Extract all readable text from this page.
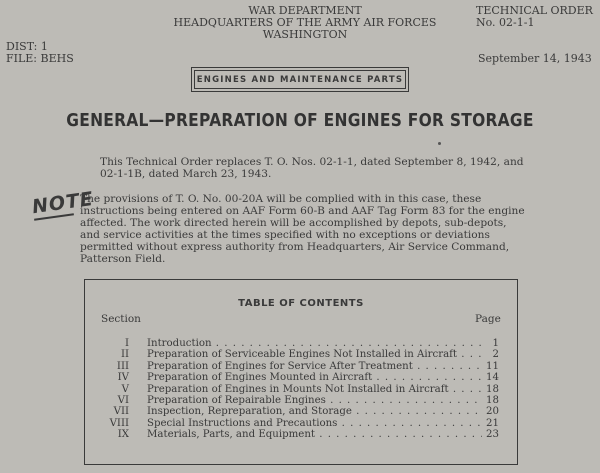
WAR DEPARTMENT
HEADQUARTERS OF THE ARMY AIR FORCES
WASHINGTON
TECHNICAL ORDER
No. 02-1-1
DIST: 1
FILE: BEHS	September 14, 1943
ENGINES AND MAINTENANCE PARTS
GENERAL—PREPARATION OF ENGINES FOR STORAGE
This Technical Order replaces T. O. Nos. 02-1-1, dated September 8, 1942, and 02-1-1B, dated March 23, 1943.
NOTE
The provisions of T. O. No. 00-20A will be complied with in this case, these instructions being entered on AAF Form 60-B and AAF Tag Form 83 for the engine affected. The work directed herein will be accomplished by depots, sub-depots, and service activities at the times specified with no exceptions or deviations permitted without express authority from Headquarters, Air Service Command, Patterson Field.
TABLE OF CONTENTS
Section	Page
I Introduction . . .	1
II Preparation of Serviceable Engines Not Installed in Aircraft . . .	2
III Preparation of Engines for Service After Treatment . . .	11
IV Preparation of Engines Mounted in Aircraft . . .	14
V Preparation of Engines in Mounts Not Installed in Aircraft . . .	18
VI Preparation of Repairable Engines . . .	18
VII Inspection, Repreparation, and Storage . . .	20
VIII Special Instructions and Precautions . . .	21
IX Materials, Parts, and Equipment . . .	23
